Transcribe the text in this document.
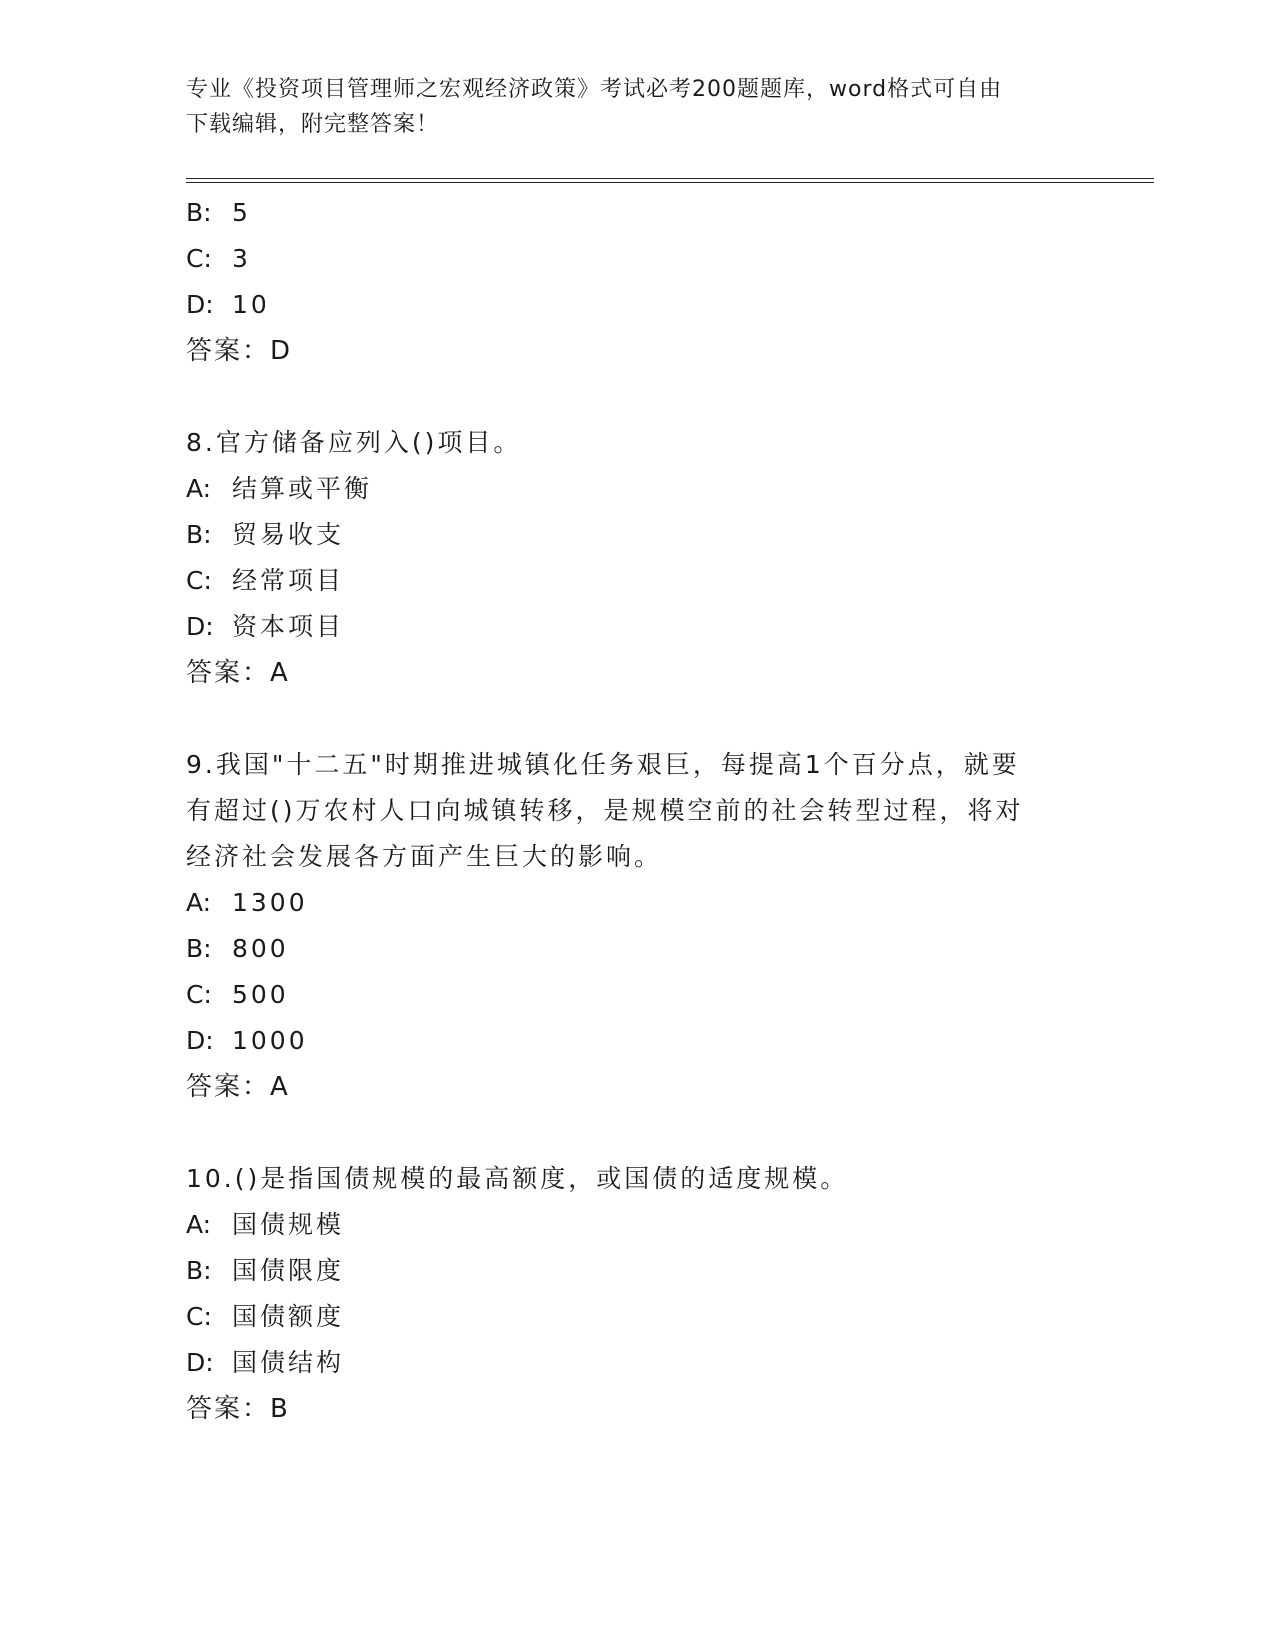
专业《投资项目管理师之宏观经济政策》考试必考200题题库，word格式可自由
下载编辑，附完整答案！
B: 5
C: 3
D: 10
答案：D
8.官方储备应列入()项目。
A: 结算或平衡
B: 贸易收支
C: 经常项目
D: 资本项目
答案：A
9.我国"十二五"时期推进城镇化任务艰巨，每提高1个百分点，就要
有超过()万农村人口向城镇转移，是规模空前的社会转型过程，将对
经济社会发展各方面产生巨大的影响。
A: 1300
B: 800
C: 500
D: 1000
答案：A
10.()是指国债规模的最高额度，或国债的适度规模。
A: 国债规模
B: 国债限度
C: 国债额度
D: 国债结构
答案：B
